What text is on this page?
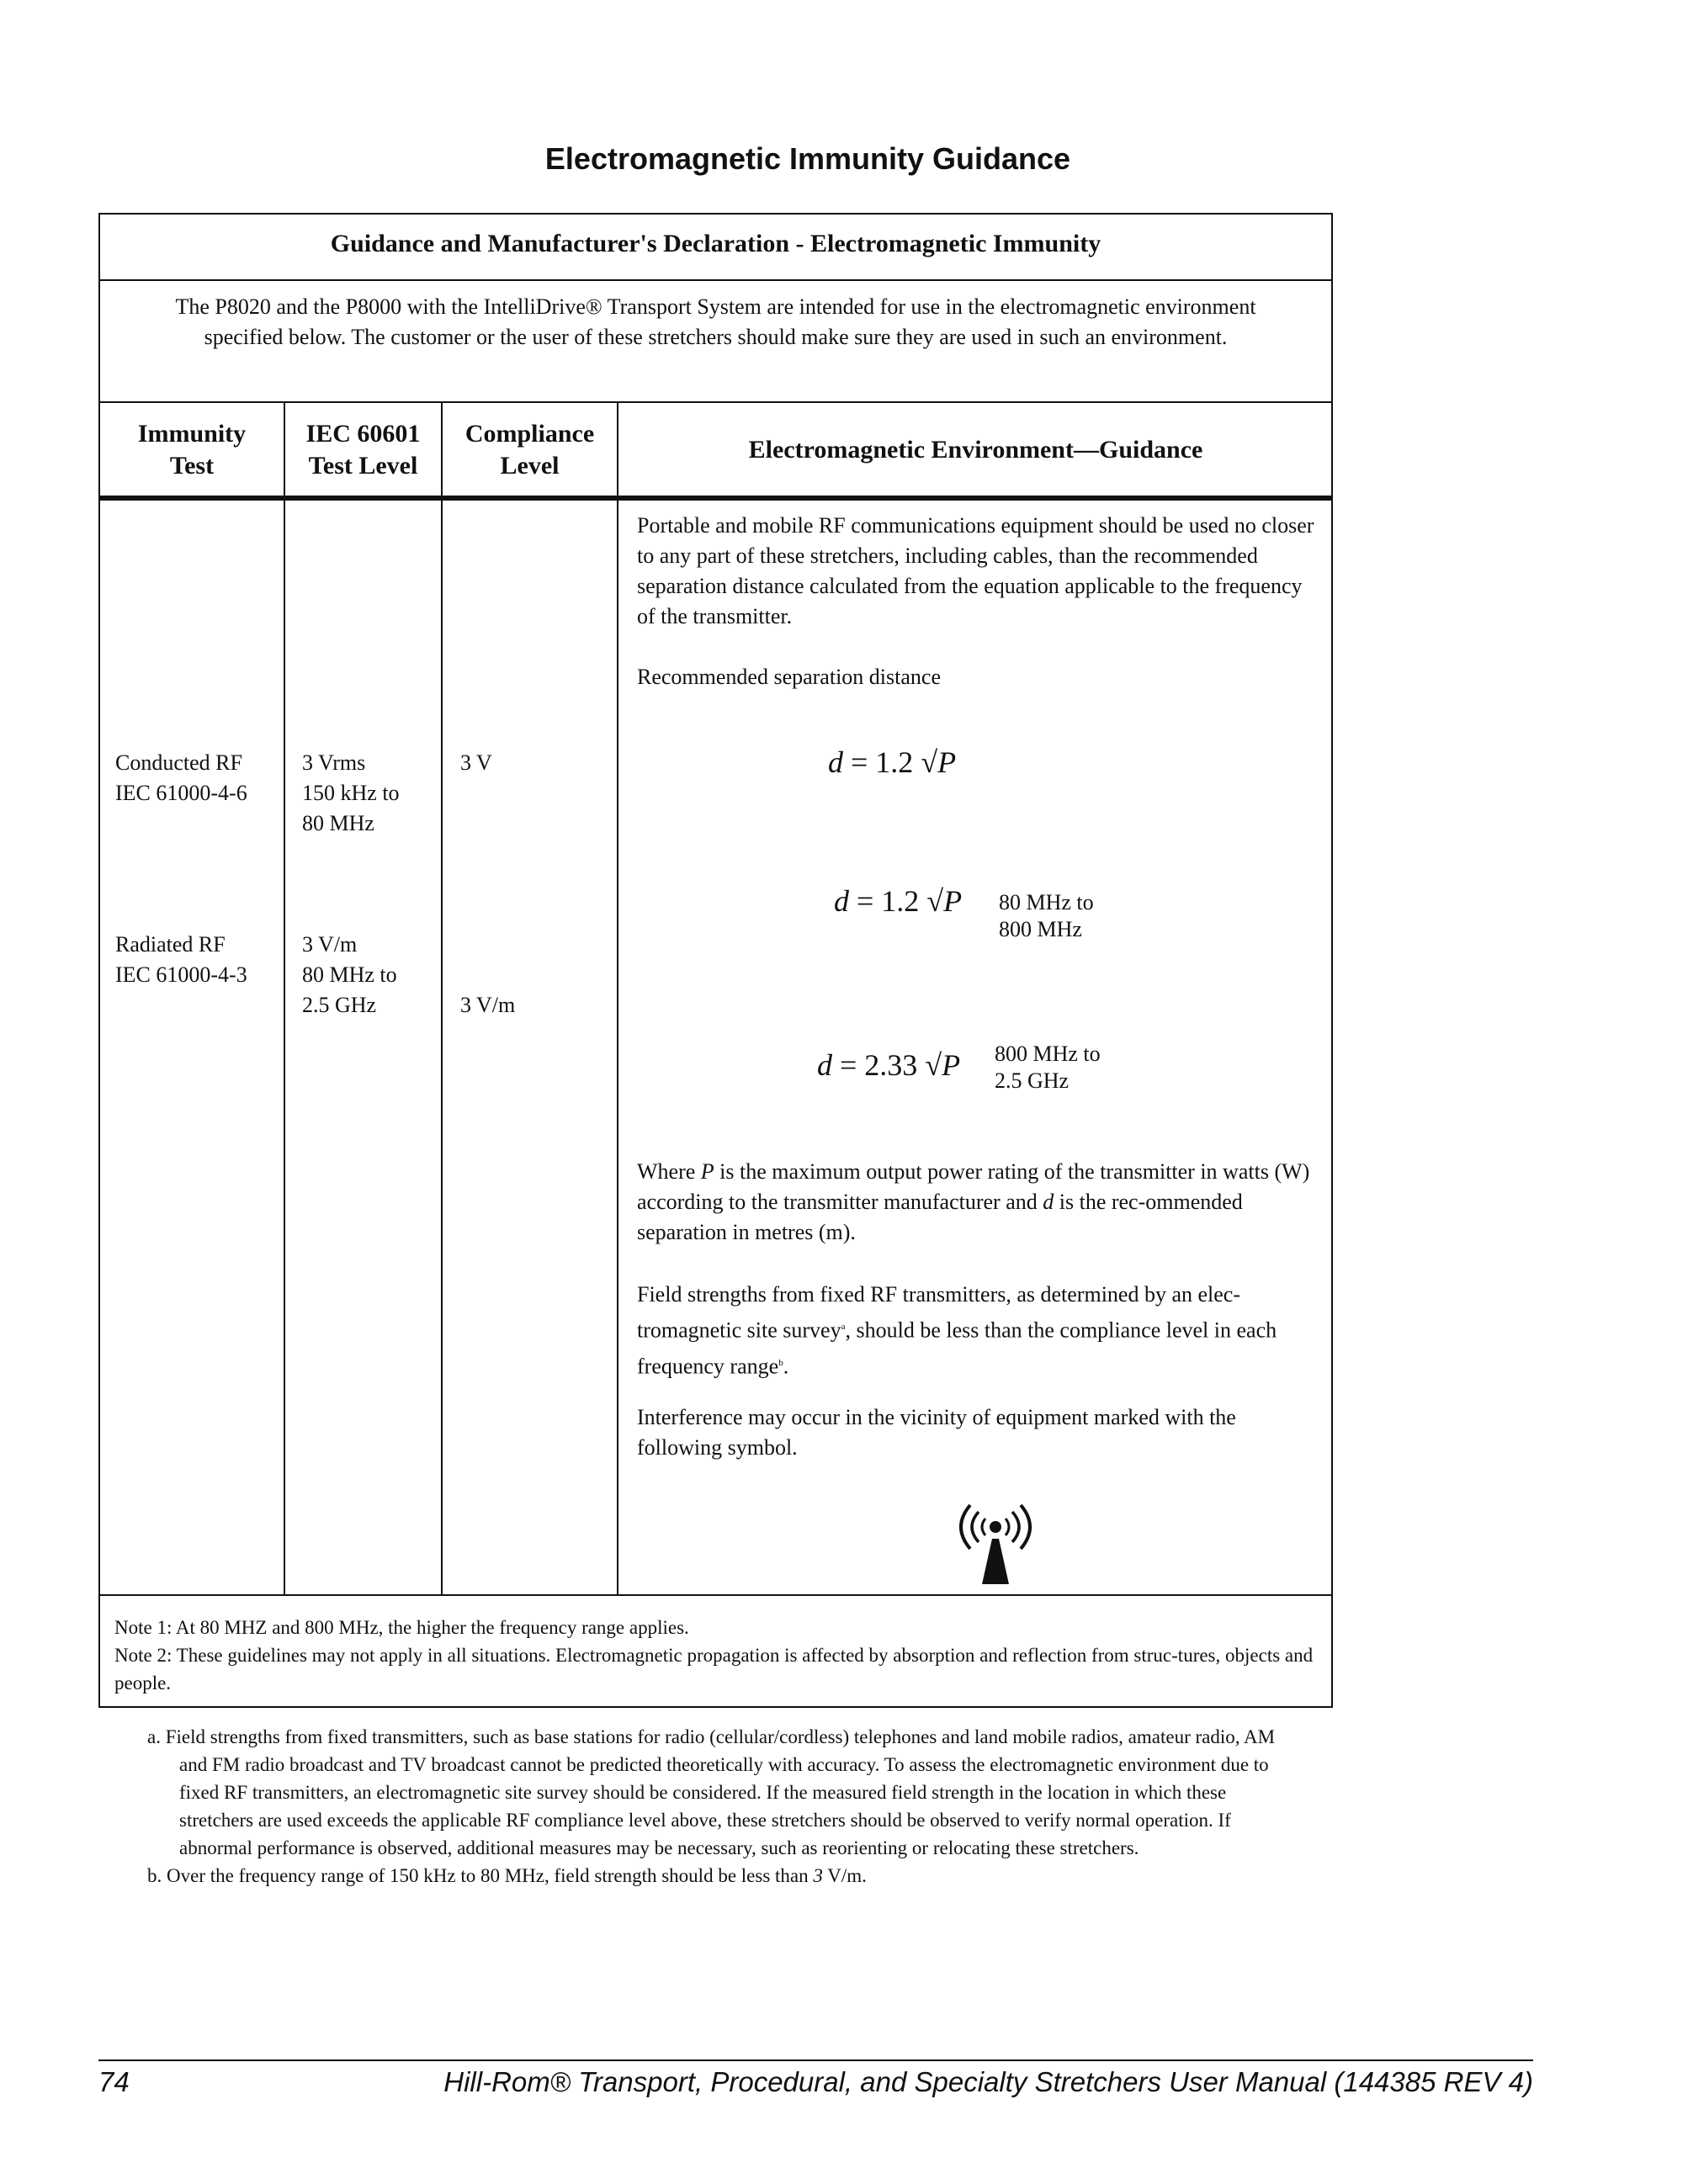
Electromagnetic Immunity Guidance
Guidance and Manufacturer's Declaration - Electromagnetic Immunity
The P8020 and the P8000 with the IntelliDrive® Transport System are intended for use in the electromagnetic environment specified below. The customer or the user of these stretchers should make sure they are used in such an environment.
Immunity
Test
IEC 60601
Test Level
Compliance
Level
Electromagnetic Environment—Guidance
Conducted RF
IEC 61000-4-6
3 Vrms
150 kHz to
80 MHz
3 V
Radiated RF
IEC 61000-4-3
3 V/m
80 MHz to
2.5 GHz	3 V/m
Portable and mobile RF communications equipment should be used no closer to any part of these stretchers, including cables, than the recommended separation distance calculated from the equation applicable to the frequency of the transmitter.
Recommended separation distance
d = 1.2 √P
d = 1.2 √P 80 MHz to
800 MHz
d = 2.33 √P 800 MHz to
2.5 GHz
Where P is the maximum output power rating of the transmitter in watts (W) according to the transmitter manufacturer and d is the rec-ommended separation in metres (m).
Field strengths from fixed RF transmitters, as determined by an elec-tromagnetic site survey$^a$, should be less than the compliance level in each frequency range$^b$.
Interference may occur in the vicinity of equipment marked with the following symbol.
Note 1: At 80 MHZ and 800 MHz, the higher the frequency range applies.
Note 2: These guidelines may not apply in all situations. Electromagnetic propagation is affected by absorption and reflection from struc-tures, objects and people.
a. Field strengths from fixed transmitters, such as base stations for radio (cellular/cordless) telephones and land mobile radios, amateur radio, AM and FM radio broadcast and TV broadcast cannot be predicted theoretically with accuracy. To assess the electromagnetic environment due to fixed RF transmitters, an electromagnetic site survey should be considered. If the measured field strength in the location in which these stretchers are used exceeds the applicable RF compliance level above, these stretchers should be observed to verify normal operation. If abnormal performance is observed, additional measures may be necessary, such as reorienting or relocating these stretchers.
b. Over the frequency range of 150 kHz to 80 MHz, field strength should be less than 3 V/m.
74	Hill-Rom® Transport, Procedural, and Specialty Stretchers User Manual (144385 REV 4)
